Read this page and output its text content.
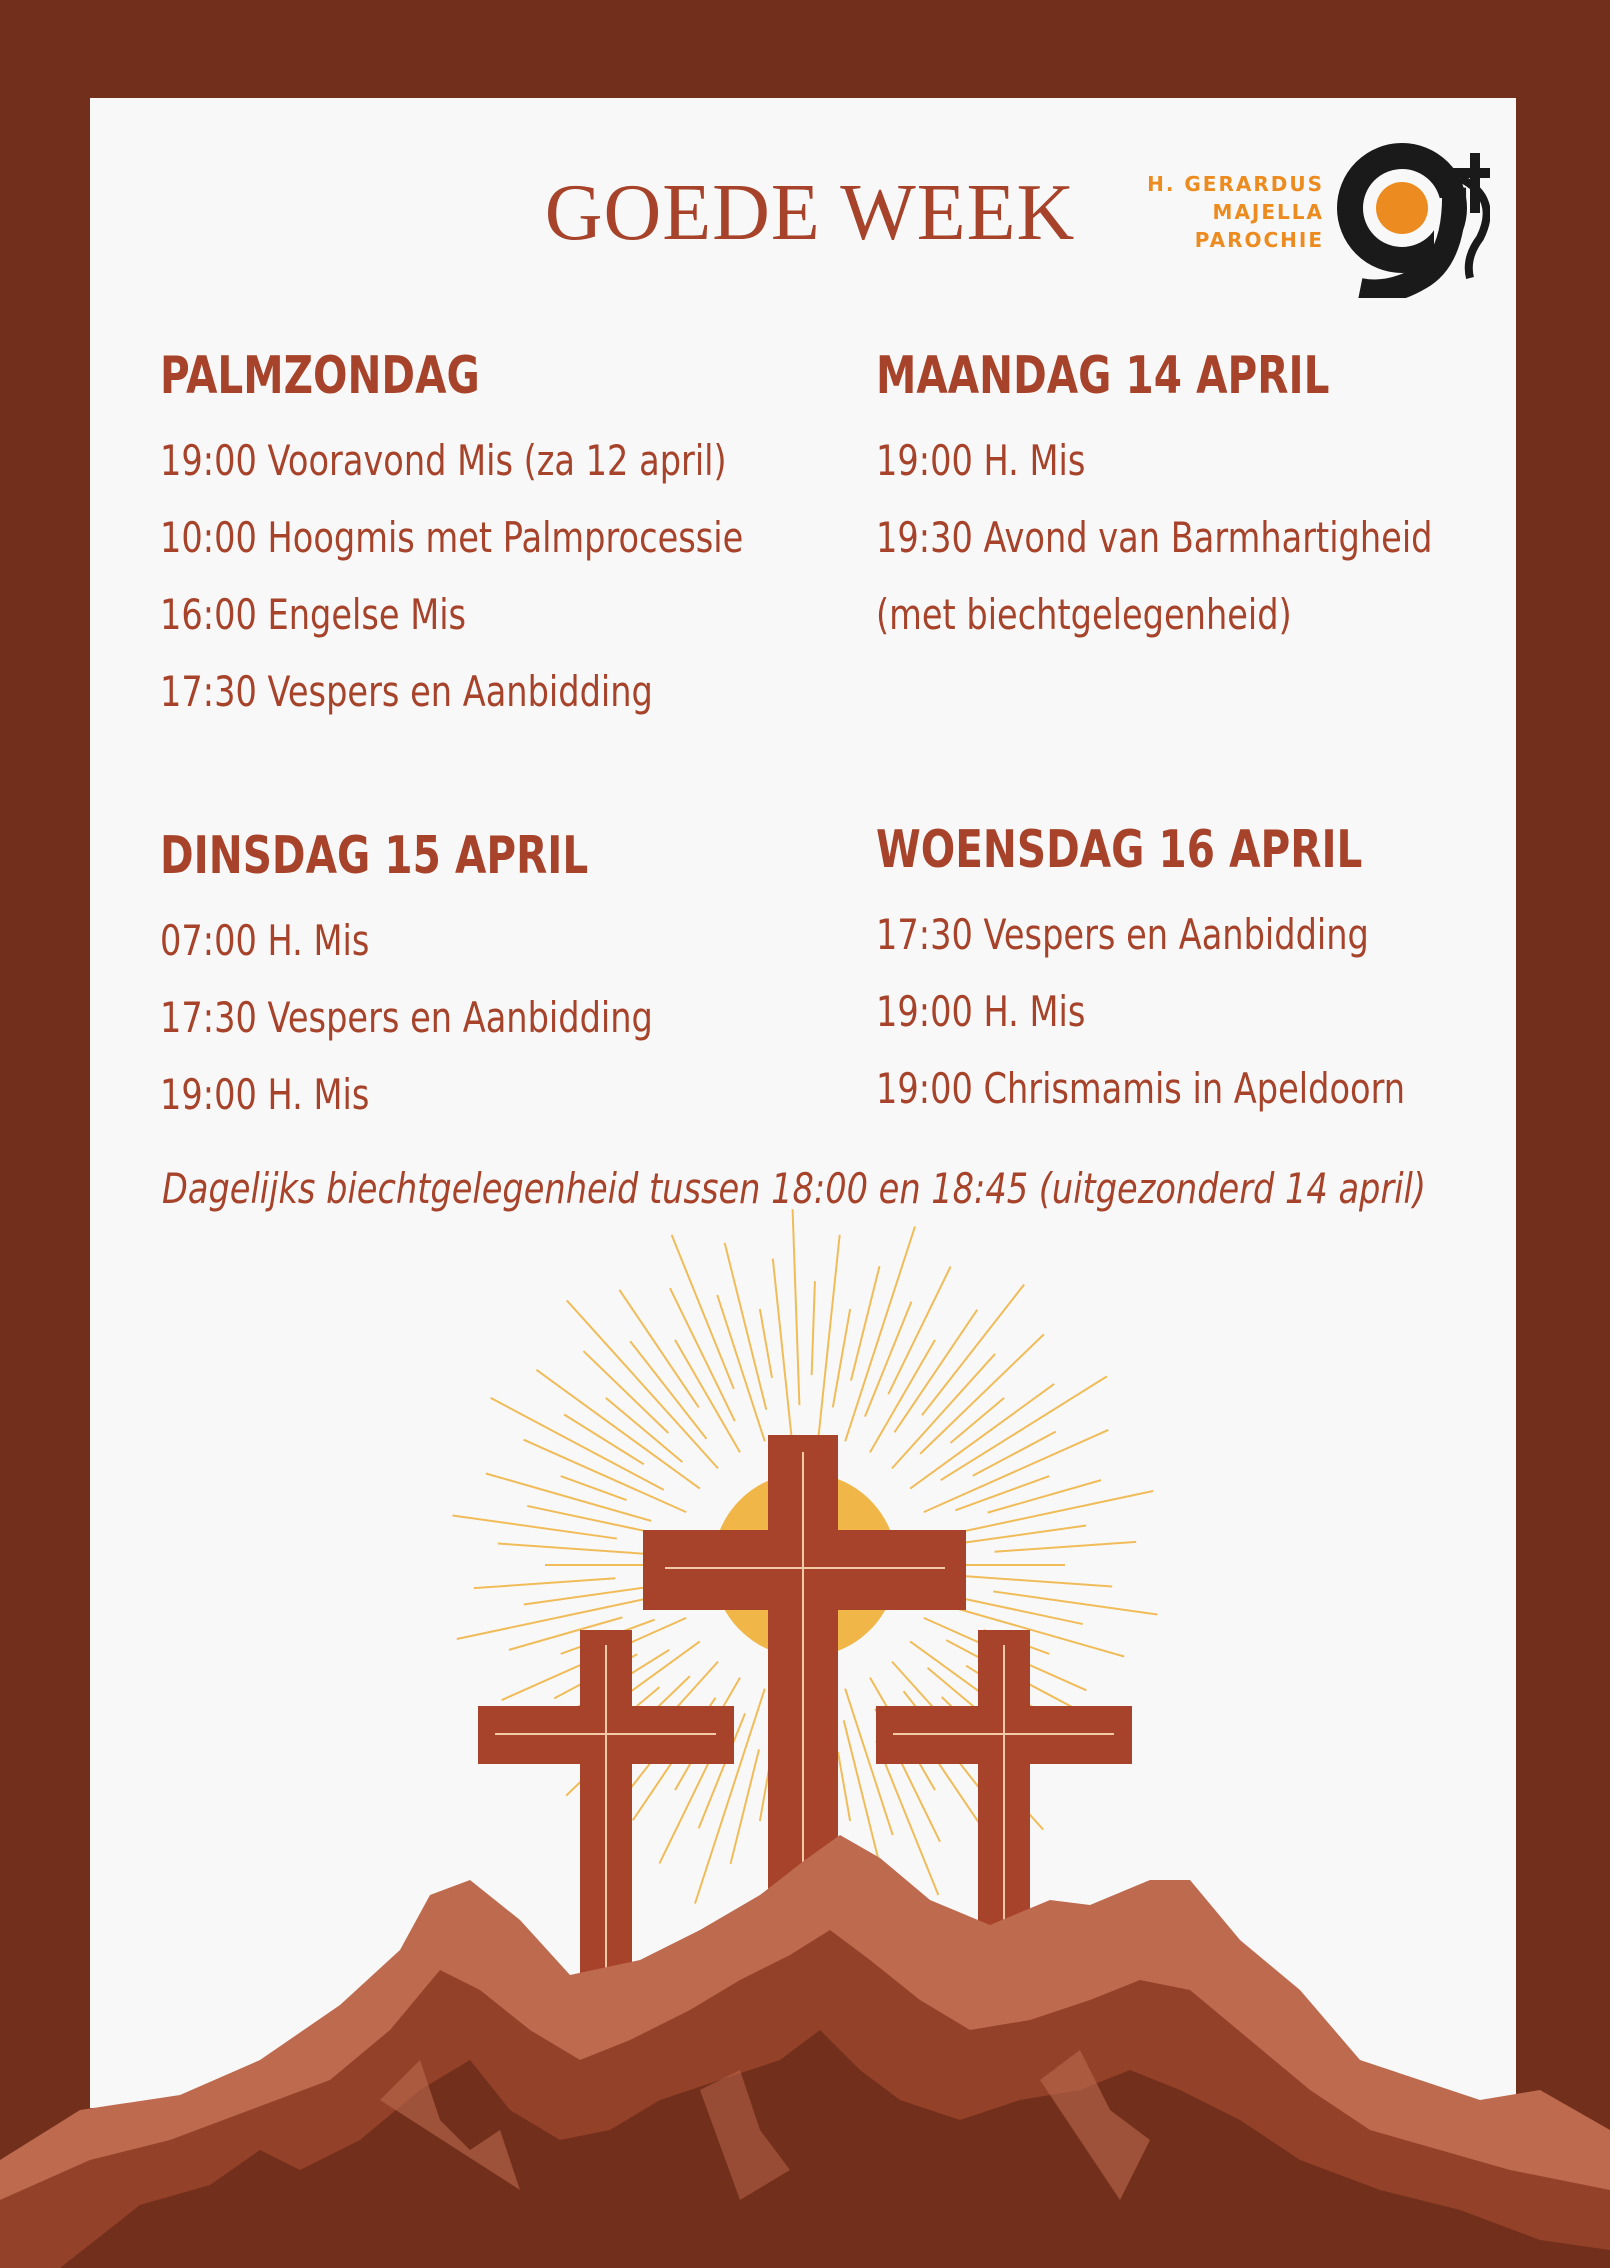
GOEDE WEEK	H. GERARDUS
MAJELLA
PAROCHIE
PALMZONDAG
19:00 Vooravond Mis (za 12 april)
10:00 Hoogmis met Palmprocessie
16:00 Engelse Mis
17:30 Vespers en Aanbidding
MAANDAG 14 APRIL
19:00 H. Mis
19:30 Avond van Barmhartigheid
(met biechtgelegenheid)
DINSDAG 15 APRIL
07:00 H. Mis
17:30 Vespers en Aanbidding
19:00 H. Mis
WOENSDAG 16 APRIL
17:30 Vespers en Aanbidding
19:00 H. Mis
19:00 Chrismamis in Apeldoorn
Dagelijks biechtgelegenheid tussen 18:00 en 18:45 (uitgezonderd 14 april)
